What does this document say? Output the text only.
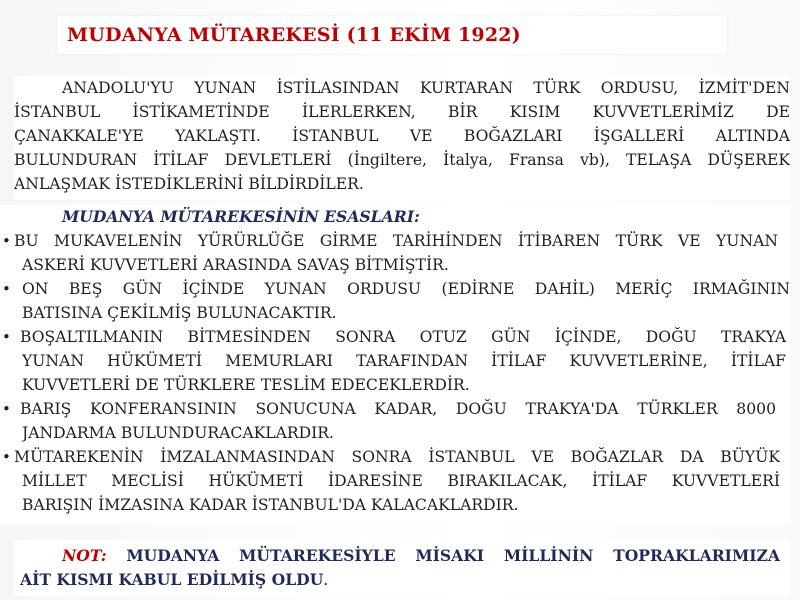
MUDANYA MÜTAREKESİ (11 EKİM 1922)
ANADOLU'YU YUNAN İSTİLASINDAN KURTARAN TÜRK ORDUSU, İZMİT'DEN
İSTANBUL İSTİKAMETİNDE İLERLERKEN, BİR KISIM KUVVETLERİMİZ DE
ÇANAKKALE'YE YAKLAŞTI. İSTANBUL VE BOĞAZLARI İŞGALLERİ ALTINDA
BULUNDURAN İTİLAF DEVLETLERİ (İngiltere, İtalya, Fransa vb), TELAŞA DÜŞEREK
ANLAŞMAK İSTEDİKLERİNİ BİLDİRDİLER.
MUDANYA MÜTAREKESİNİN ESASLARI:
• BU MUKAVELENİN YÜRÜRLÜĞE GİRME TARİHİNDEN İTİBAREN TÜRK VE YUNAN
ASKERİ KUVVETLERİ ARASINDA SAVAŞ BİTMİŞTİR.
• ON BEŞ GÜN İÇİNDE YUNAN ORDUSU (EDİRNE DAHİL) MERİÇ IRMAĞININ
BATISINA ÇEKİLMİŞ BULUNACAKTIR.
• BOŞALTILMANIN BİTMESİNDEN SONRA OTUZ GÜN İÇİNDE, DOĞU TRAKYA
YUNAN HÜKÜMETİ MEMURLARI TARAFINDAN İTİLAF KUVVETLERİNE, İTİLAF
KUVVETLERİ DE TÜRKLERE TESLİM EDECEKLERDİR.
• BARIŞ KONFERANSININ SONUCUNA KADAR, DOĞU TRAKYA'DA TÜRKLER 8000
JANDARMA BULUNDURACAKLARDIR.
• MÜTAREKENİN İMZALANMASINDAN SONRA İSTANBUL VE BOĞAZLAR DA BÜYÜK
MİLLET MECLİSİ HÜKÜMETİ İDARESİNE BIRAKILACAK, İTİLAF KUVVETLERİ
BARIŞIN İMZASINA KADAR İSTANBUL'DA KALACAKLARDIR.
NOT: MUDANYA MÜTAREKESİYLE MİSAKI MİLLİNİN TOPRAKLARIMIZA
AİT KISMI KABUL EDİLMİŞ OLDU.
